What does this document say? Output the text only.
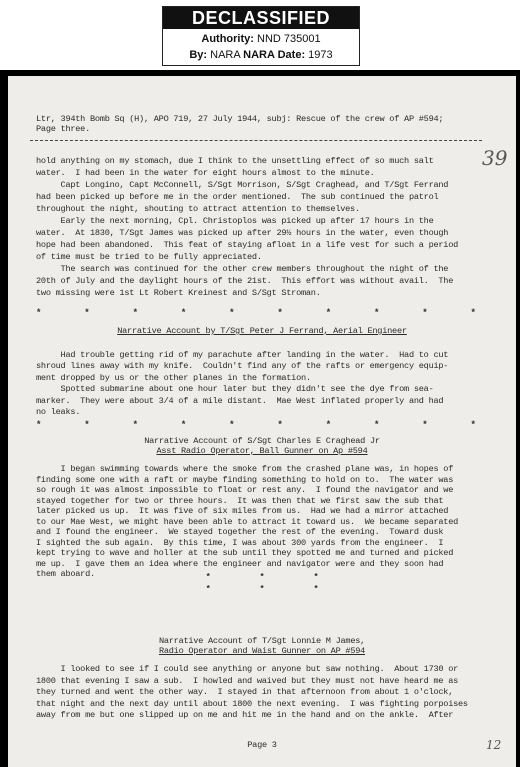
DECLASSIFIED
Authority: NND 735001
By: NARA NARA Date: 1973
Ltr, 394th Bomb Sq (H), APO 719, 27 July 1944, subj: Rescue of the crew of AP #594;
Page three.
39
hold anything on my stomach, due I think to the unsettling effect of so much salt
water.  I had been in the water for eight hours almost to the minute.
Capt Longino, Capt McConnell, S/Sgt Morrison, S/Sgt Craghead, and T/Sgt Ferrand
had been picked up before me in the order mentioned.  The sub continued the patrol
throughout the night, shouting to attract attention to themselves.
Early the next morning, Cpl. Christoplos was picked up after 17 hours in the
water.  At 1830, T/Sgt James was picked up after 29½ hours in the water, even though
hope had been abandoned.  This feat of staying afloat in a life vest for such a period
of time must be tried to be fully appreciated.
The search was continued for the other crew members throughout the night of the
20th of July and the daylight hours of the 21st.  This effort was without avail.  The
two missing were 1st Lt Robert Kreinest and S/Sgt Stroman.
*	*	*	*	*	*	*	*	*	*
Narrative Account by T/Sgt Peter J Ferrand, Aerial Engineer
Had trouble getting rid of my parachute after landing in the water.  Had to cut
shroud lines away with my knife.  Couldn't find any of the rafts or emergency equip-
ment dropped by us or the other planes in the formation.
Spotted submarine about one hour later but they didn't see the dye from sea-
marker.  They were about 3/4 of a mile distant.  Mae West inflated properly and had
no leaks.
*	*	*	*	*	*	*	*	*	*
Narrative Account of S/Sgt Charles E Craghead Jr
Asst Radio Operator, Ball Gunner on Ap #594
I began swimming towards where the smoke from the crashed plane was, in hopes of
finding some one with a raft or maybe finding something to hold on to.  The water was
so rough it was almost impossible to float or rest any.  I found the navigator and we
stayed together for two or three hours.  It was then that we first saw the sub that
later picked us up.  It was five of six miles from us.  Had we had a mirror attached
to our Mae West, we might have been able to attract it toward us.  We became separated
and I found the engineer.  We stayed together the rest of the evening.  Toward dusk
I sighted the sub again.  By this time, I was about 300 yards from the engineer.  I
kept trying to wave and holler at the sub until they spotted me and turned and picked
me up.  I gave them an idea where the engineer and navigator were and they soon had
them aboard.	*          *          *
*          *          *
Narrative Account of T/Sgt Lonnie M James,
Radio Operator and Waist Gunner on AP #594
I looked to see if I could see anything or anyone but saw nothing.  About 1730 or
1800 that evening I saw a sub.  I howled and waived but they must not have heard me as
they turned and went the other way.  I stayed in that afternoon from about 1 o'clock,
that night and the next day until about 1800 the next evening.  I was fighting porpoises
away from me but one slipped up on me and hit me in the hand and on the ankle.  After
Page 3	12
